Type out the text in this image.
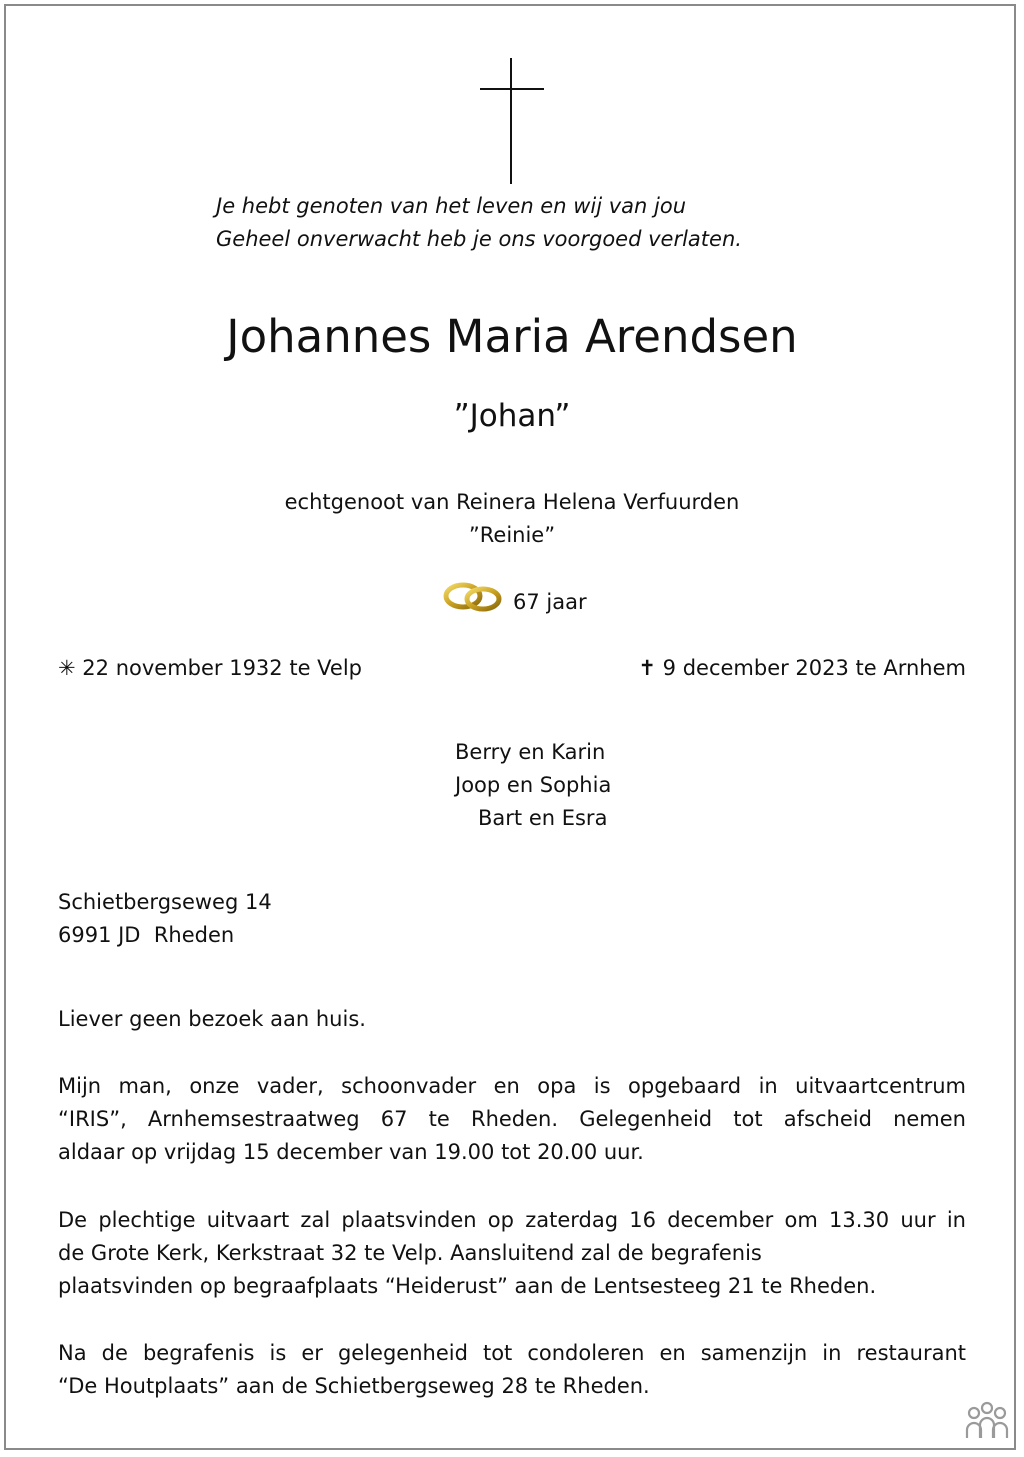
Je hebt genoten van het leven en wij van jou
Geheel onverwacht heb je ons voorgoed verlaten.
Johannes Maria Arendsen
”Johan”
echtgenoot van Reinera Helena Verfuurden
”Reinie”
67 jaar
✳ 22 november 1932 te Velp	✝ 9 december 2023 te Arnhem
Berry en Karin
Joop en Sophia
Bart en Esra
Schietbergseweg 14
6991 JD  Rheden
Liever geen bezoek aan huis.
Mijn man, onze vader, schoonvader en opa is opgebaard in uitvaartcentrum
“IRIS”, Arnhemsestraatweg 67 te Rheden. Gelegenheid tot afscheid nemen
aldaar op vrijdag 15 december van 19.00 tot 20.00 uur.
De plechtige uitvaart zal plaatsvinden op zaterdag 16 december om 13.30 uur in
de Grote Kerk, Kerkstraat 32 te Velp. Aansluitend zal de begrafenis
plaatsvinden op begraafplaats “Heiderust” aan de Lentsesteeg 21 te Rheden.
Na de begrafenis is er gelegenheid tot condoleren en samenzijn in restaurant
“De Houtplaats” aan de Schietbergseweg 28 te Rheden.
